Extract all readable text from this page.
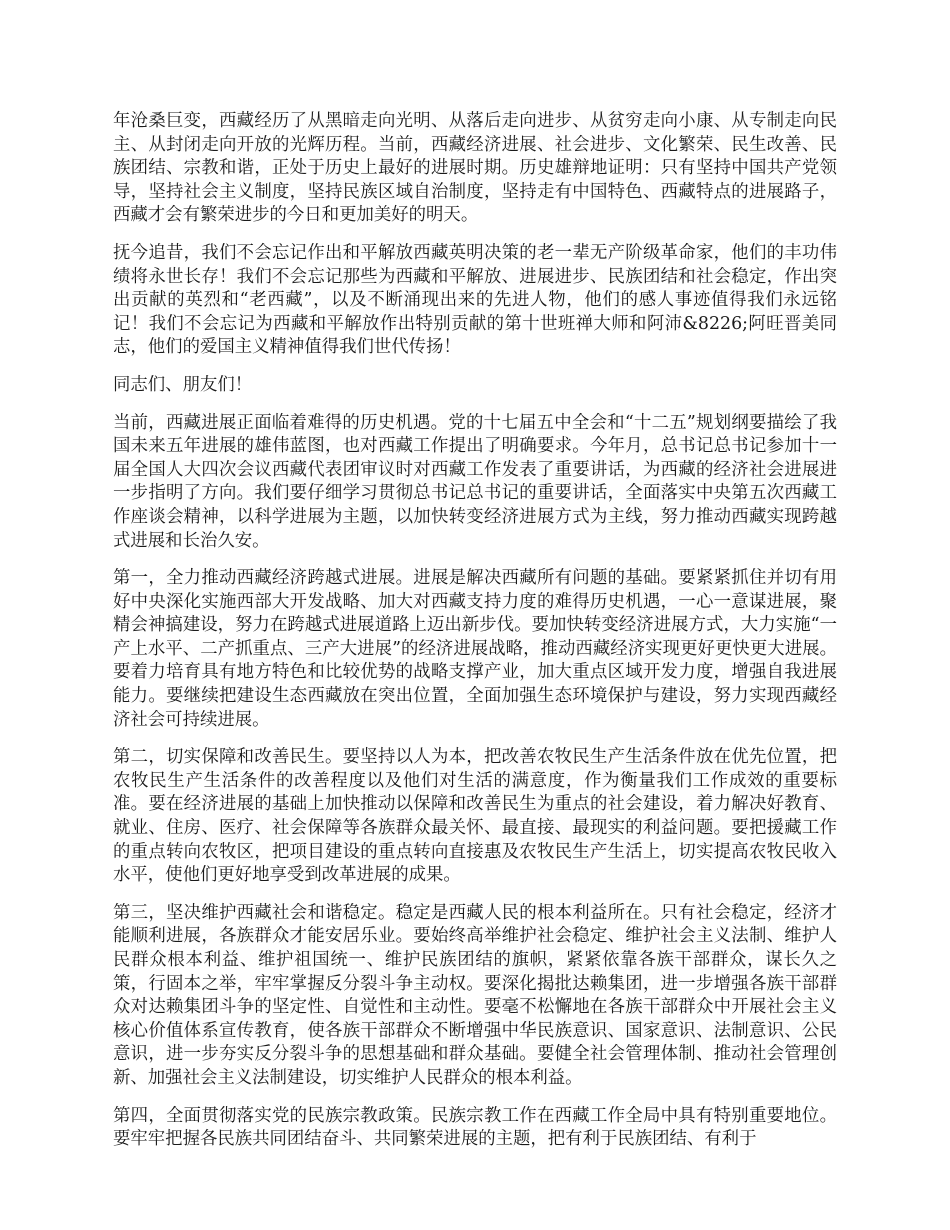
年沧桑巨变，西藏经历了从黑暗走向光明、从落后走向进步、从贫穷走向小康、从专制走向民主、从封闭走向开放的光辉历程。当前，西藏经济进展、社会进步、文化繁荣、民生改善、民族团结、宗教和谐，正处于历史上最好的进展时期。历史雄辩地证明：只有坚持中国共产党领导，坚持社会主义制度，坚持民族区域自治制度，坚持走有中国特色、西藏特点的进展路子，西藏才会有繁荣进步的今日和更加美好的明天。

抚今追昔，我们不会忘记作出和平解放西藏英明决策的老一辈无产阶级革命家，他们的丰功伟绩将永世长存！我们不会忘记那些为西藏和平解放、进展进步、民族团结和社会稳定，作出突出贡献的英烈和“老西藏”，以及不断涌现出来的先进人物，他们的感人事迹值得我们永远铭记！我们不会忘记为西藏和平解放作出特别贡献的第十世班禅大师和阿沛&8226;阿旺晋美同志，他们的爱国主义精神值得我们世代传扬！

同志们、朋友们！

当前，西藏进展正面临着难得的历史机遇。党的十七届五中全会和“十二五”规划纲要描绘了我国未来五年进展的雄伟蓝图，也对西藏工作提出了明确要求。今年月，总书记总书记参加十一届全国人大四次会议西藏代表团审议时对西藏工作发表了重要讲话，为西藏的经济社会进展进一步指明了方向。我们要仔细学习贯彻总书记总书记的重要讲话，全面落实中央第五次西藏工作座谈会精神，以科学进展为主题，以加快转变经济进展方式为主线，努力推动西藏实现跨越式进展和长治久安。

第一，全力推动西藏经济跨越式进展。进展是解决西藏所有问题的基础。要紧紧抓住并切有用好中央深化实施西部大开发战略、加大对西藏支持力度的难得历史机遇，一心一意谋进展，聚精会神搞建设，努力在跨越式进展道路上迈出新步伐。要加快转变经济进展方式，大力实施“一产上水平、二产抓重点、三产大进展”的经济进展战略，推动西藏经济实现更好更快更大进展。要着力培育具有地方特色和比较优势的战略支撑产业，加大重点区域开发力度，增强自我进展能力。要继续把建设生态西藏放在突出位置，全面加强生态环境保护与建设，努力实现西藏经济社会可持续进展。

第二，切实保障和改善民生。要坚持以人为本，把改善农牧民生产生活条件放在优先位置，把农牧民生产生活条件的改善程度以及他们对生活的满意度，作为衡量我们工作成效的重要标准。要在经济进展的基础上加快推动以保障和改善民生为重点的社会建设，着力解决好教育、就业、住房、医疗、社会保障等各族群众最关怀、最直接、最现实的利益问题。要把援藏工作的重点转向农牧区，把项目建设的重点转向直接惠及农牧民生产生活上，切实提高农牧民收入水平，使他们更好地享受到改革进展的成果。

第三，坚决维护西藏社会和谐稳定。稳定是西藏人民的根本利益所在。只有社会稳定，经济才能顺利进展，各族群众才能安居乐业。要始终高举维护社会稳定、维护社会主义法制、维护人民群众根本利益、维护祖国统一、维护民族团结的旗帜，紧紧依靠各族干部群众，谋长久之策，行固本之举，牢牢掌握反分裂斗争主动权。要深化揭批达赖集团，进一步增强各族干部群众对达赖集团斗争的坚定性、自觉性和主动性。要毫不松懈地在各族干部群众中开展社会主义核心价值体系宣传教育，使各族干部群众不断增强中华民族意识、国家意识、法制意识、公民意识，进一步夯实反分裂斗争的思想基础和群众基础。要健全社会管理体制、推动社会管理创新、加强社会主义法制建设，切实维护人民群众的根本利益。

第四，全面贯彻落实党的民族宗教政策。民族宗教工作在西藏工作全局中具有特别重要地位。要牢牢把握各民族共同团结奋斗、共同繁荣进展的主题，把有利于民族团结、有利于
